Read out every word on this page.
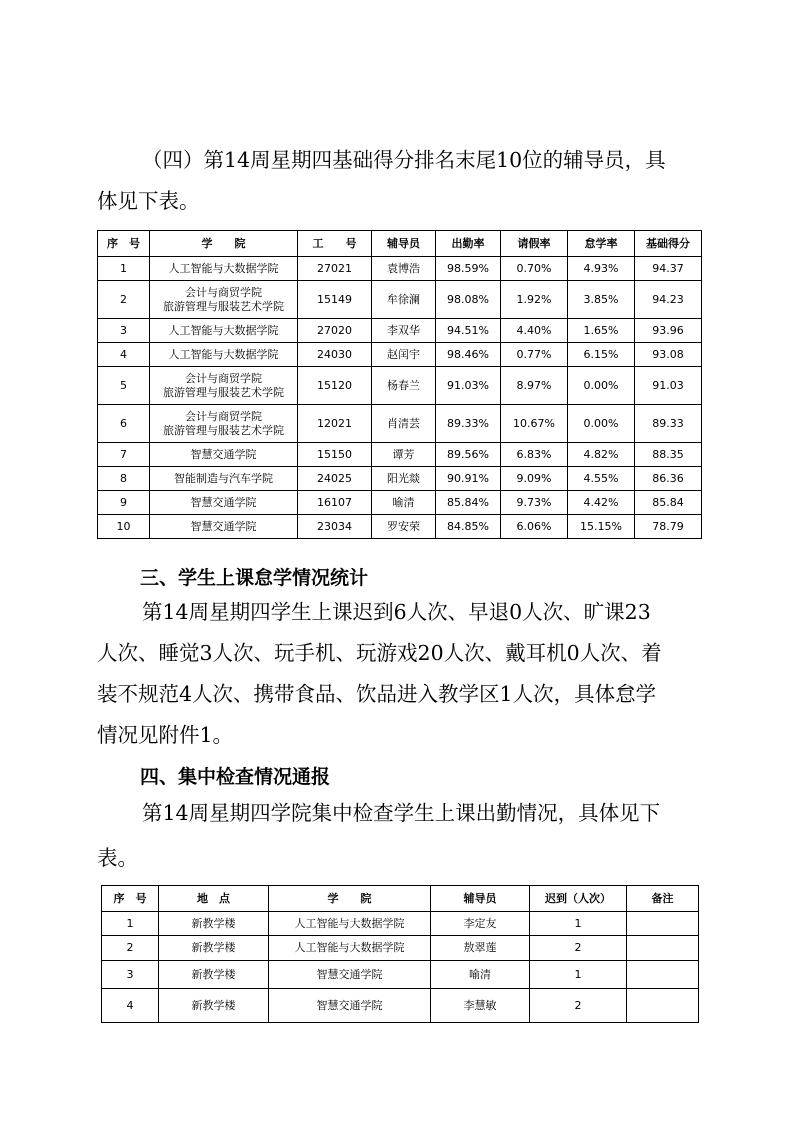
（四）第14周星期四基础得分排名末尾10位的辅导员，具
体见下表。
序　号	学　　院	工　　号	辅导员	出勤率	请假率	怠学率	基础得分
1	人工智能与大数据学院	27021	袁博浩	98.59%	0.70%	4.93%	94.37
2	会计与商贸学院
旅游管理与服装艺术学院	15149	牟徐澜	98.08%	1.92%	3.85%	94.23
3	人工智能与大数据学院	27020	李双华	94.51%	4.40%	1.65%	93.96
4	人工智能与大数据学院	24030	赵闰宇	98.46%	0.77%	6.15%	93.08
5	会计与商贸学院
旅游管理与服装艺术学院	15120	杨春兰	91.03%	8.97%	0.00%	91.03
6	会计与商贸学院
旅游管理与服装艺术学院	12021	肖清芸	89.33%	10.67%	0.00%	89.33
7	智慧交通学院	15150	谭芳	89.56%	6.83%	4.82%	88.35
8	智能制造与汽车学院	24025	阳光燚	90.91%	9.09%	4.55%	86.36
9	智慧交通学院	16107	喻清	85.84%	9.73%	4.42%	85.84
10	智慧交通学院	23034	罗安荣	84.85%	6.06%	15.15%	78.79
三、学生上课怠学情况统计
第14周星期四学生上课迟到6人次、早退0人次、旷课23
人次、睡觉3人次、玩手机、玩游戏20人次、戴耳机0人次、着
装不规范4人次、携带食品、饮品进入教学区1人次，具体怠学
情况见附件1。
四、集中检查情况通报
第14周星期四学院集中检查学生上课出勤情况，具体见下
表。
序　号	地　点	学　　院	辅导员	迟到（人次）	备注
1	新教学楼	人工智能与大数据学院	李定友	1	
2	新教学楼	人工智能与大数据学院	敖翠莲	2	
3	新教学楼	智慧交通学院	喻清	1	
4	新教学楼	智慧交通学院	李慧敏	2	
